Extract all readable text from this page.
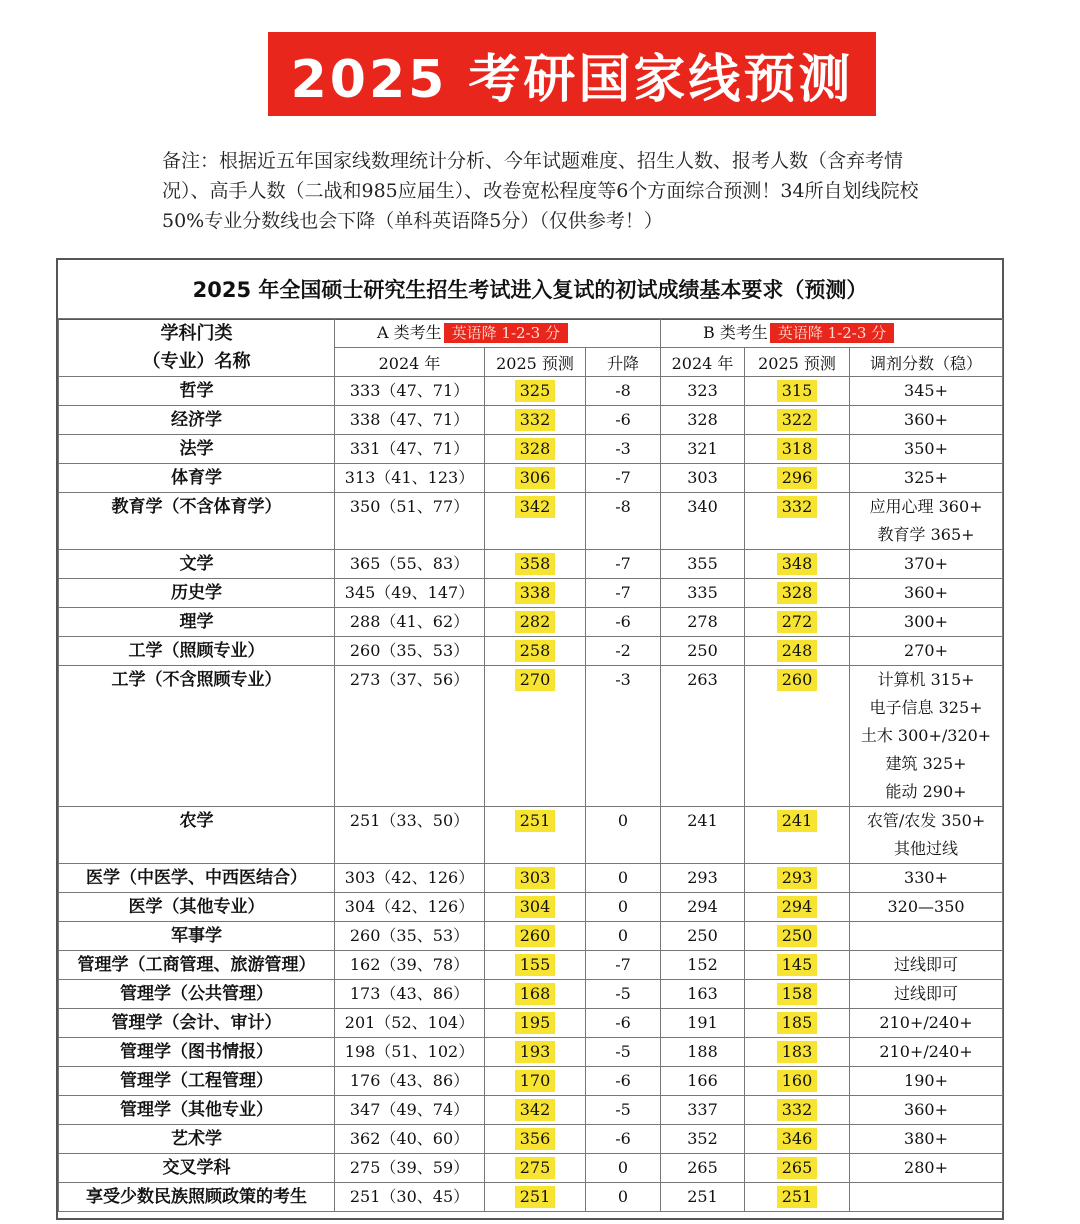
2025 考研国家线预测
备注：根据近五年国家线数理统计分析、今年试题难度、招生人数、报考人数（含弃考情况）、高手人数（二战和985应届生）、改卷宽松程度等6个方面综合预测！34所自划线院校50%专业分数线也会下降（单科英语降5分）（仅供参考！）
2025 年全国硕士研究生招生考试进入复试的初试成绩基本要求（预测）
学科门类
（专业）名称	A 类考生 英语降 1-2-3 分			B 类考生 英语降 1-2-3 分		
	2024 年	2025 预测	升降	2024 年	2025 预测	调剂分数（稳）
哲学	333（47、71）	325	-8	323	315	345+

经济学	338（47、71）	332	-6	328	322	360+

法学	331（47、71）	328	-3	321	318	350+

体育学	313（41、123）	306	-7	303	296	325+

教育学（不含体育学）	350（51、77）	342	-8	340	332	应用心理 360+
教育学 365+

文学	365（55、83）	358	-7	355	348	370+

历史学	345（49、147）	338	-7	335	328	360+

理学	288（41、62）	282	-6	278	272	300+

工学（照顾专业）	260（35、53）	258	-2	250	248	270+

工学（不含照顾专业）	273（37、56）	270	-3	263	260	计算机 315+
电子信息 325+
土木 300+/320+
建筑 325+
能动 290+

农学	251（33、50）	251	0	241	241	农管/农发 350+
其他过线

医学（中医学、中西医结合）	303（42、126）	303	0	293	293	330+

医学（其他专业）	304（42、126）	304	0	294	294	320—350

军事学	260（35、53）	260	0	250	250	

管理学（工商管理、旅游管理）	162（39、78）	155	-7	152	145	过线即可

管理学（公共管理）	173（43、86）	168	-5	163	158	过线即可

管理学（会计、审计）	201（52、104）	195	-6	191	185	210+/240+

管理学（图书情报）	198（51、102）	193	-5	188	183	210+/240+

管理学（工程管理）	176（43、86）	170	-6	166	160	190+

管理学（其他专业）	347（49、74）	342	-5	337	332	360+

艺术学	362（40、60）	356	-6	352	346	380+

交叉学科	275（39、59）	275	0	265	265	280+

享受少数民族照顾政策的考生	251（30、45）	251	0	251	251	
